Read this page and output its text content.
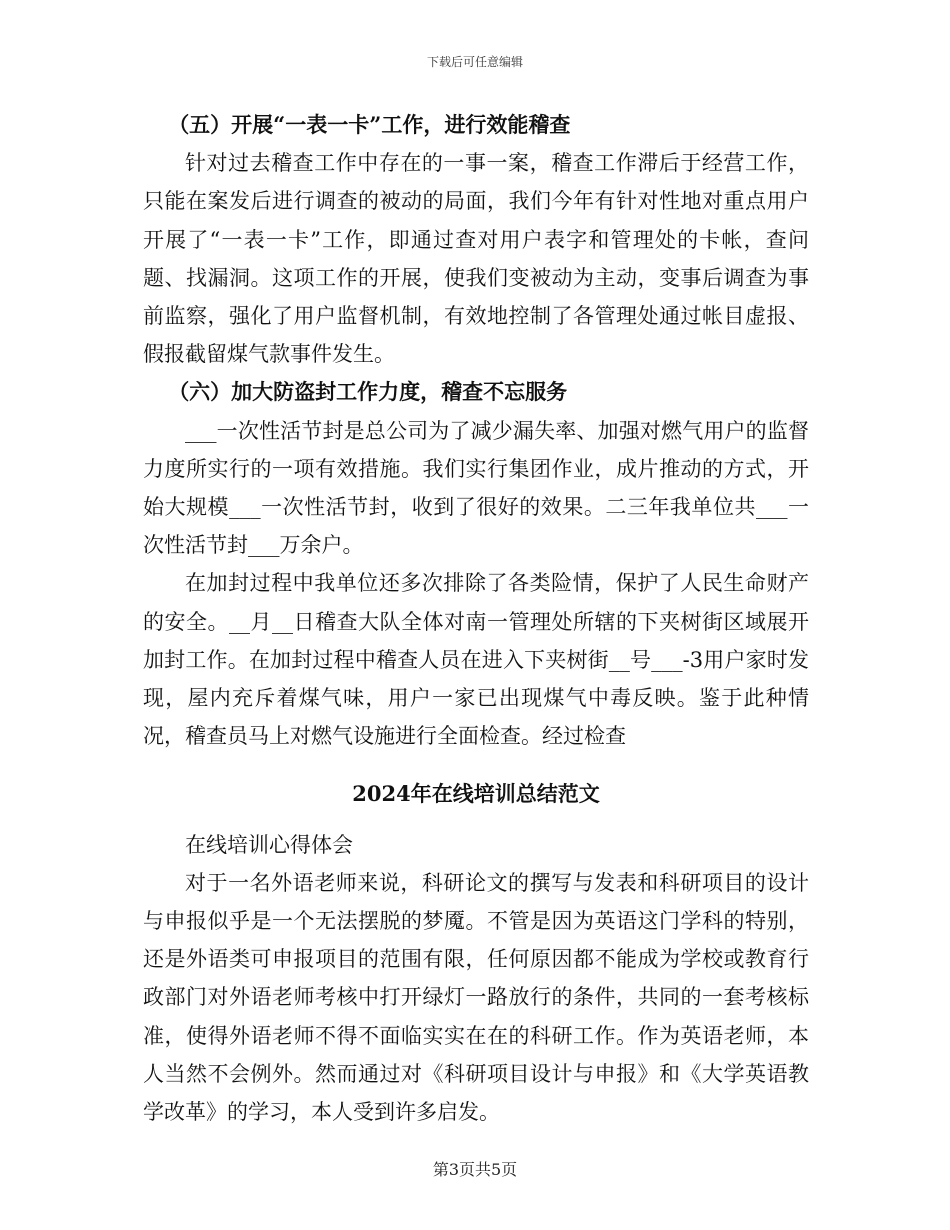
下载后可任意编辑

（五）开展“一表一卡”工作，进行效能稽查

针对过去稽查工作中存在的一事一案，稽查工作滞后于经营工作，只能在案发后进行调查的被动的局面，我们今年有针对性地对重点用户开展了“一表一卡”工作，即通过查对用户表字和管理处的卡帐，查问题、找漏洞。这项工作的开展，使我们变被动为主动，变事后调查为事前监察，强化了用户监督机制，有效地控制了各管理处通过帐目虚报、假报截留煤气款事件发生。

（六）加大防盗封工作力度，稽查不忘服务

___一次性活节封是总公司为了减少漏失率、加强对燃气用户的监督力度所实行的一项有效措施。我们实行集团作业，成片推动的方式，开始大规模___一次性活节封，收到了很好的效果。二三年我单位共___一次性活节封___万余户。

在加封过程中我单位还多次排除了各类险情，保护了人民生命财产的安全。__月__日稽查大队全体对南一管理处所辖的下夹树街区域展开加封工作。在加封过程中稽查人员在进入下夹树街__号___-3用户家时发现，屋内充斥着煤气味，用户一家已出现煤气中毒反映。鉴于此种情况，稽查员马上对燃气设施进行全面检查。经过检查

2024年在线培训总结范文

在线培训心得体会

对于一名外语老师来说，科研论文的撰写与发表和科研项目的设计与申报似乎是一个无法摆脱的梦魇。不管是因为英语这门学科的特别，还是外语类可申报项目的范围有限，任何原因都不能成为学校或教育行政部门对外语老师考核中打开绿灯一路放行的条件，共同的一套考核标准，使得外语老师不得不面临实实在在的科研工作。作为英语老师，本人当然不会例外。然而通过对《科研项目设计与申报》和《大学英语教学改革》的学习，本人受到许多启发。

第3页共5页
